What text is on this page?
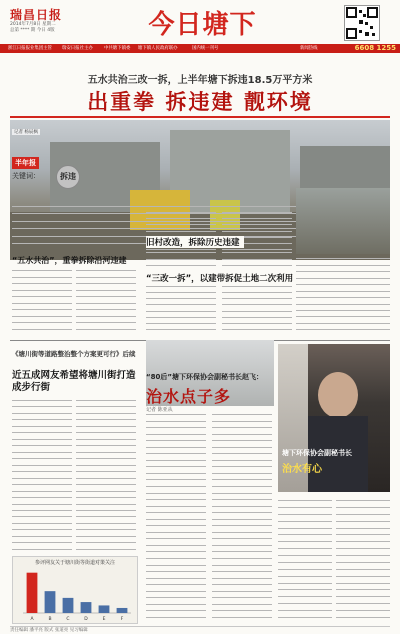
瑞昌日报
2014年7月8日 星期二
总第 **** 期 今日 4版	今日塘下
浙江日报报业集团主管 瑞安日报社主办	中共塘下镇委 塘下镇人民政府联办	国内统一刊号	新闻热线	6608 1255
五水共治三改一拆，上半年塘下拆违18.5万平方米
出重拳 拆违建 靓环境
记者 杨辰枫
半年报
关键词：	拆违
“五水共治”，重拳拆除沿河违建
旧村改造，拆除历史违建
“三改一拆”，以建带拆促土地二次利用
《塘川街等道路整治整个方案更可行》后续
近五成网友希望将塘川街打造成步行街
参评网友关于塘川街等街道对策关注
A	B	C	D	E	F
“80后”塘下环保协会副秘书长赵飞：
治水点子多
记者 陈亚从
塘下环保协会副秘书长
治水有心
责任编辑 潘平亮 版式 张道亮 见习编辑
